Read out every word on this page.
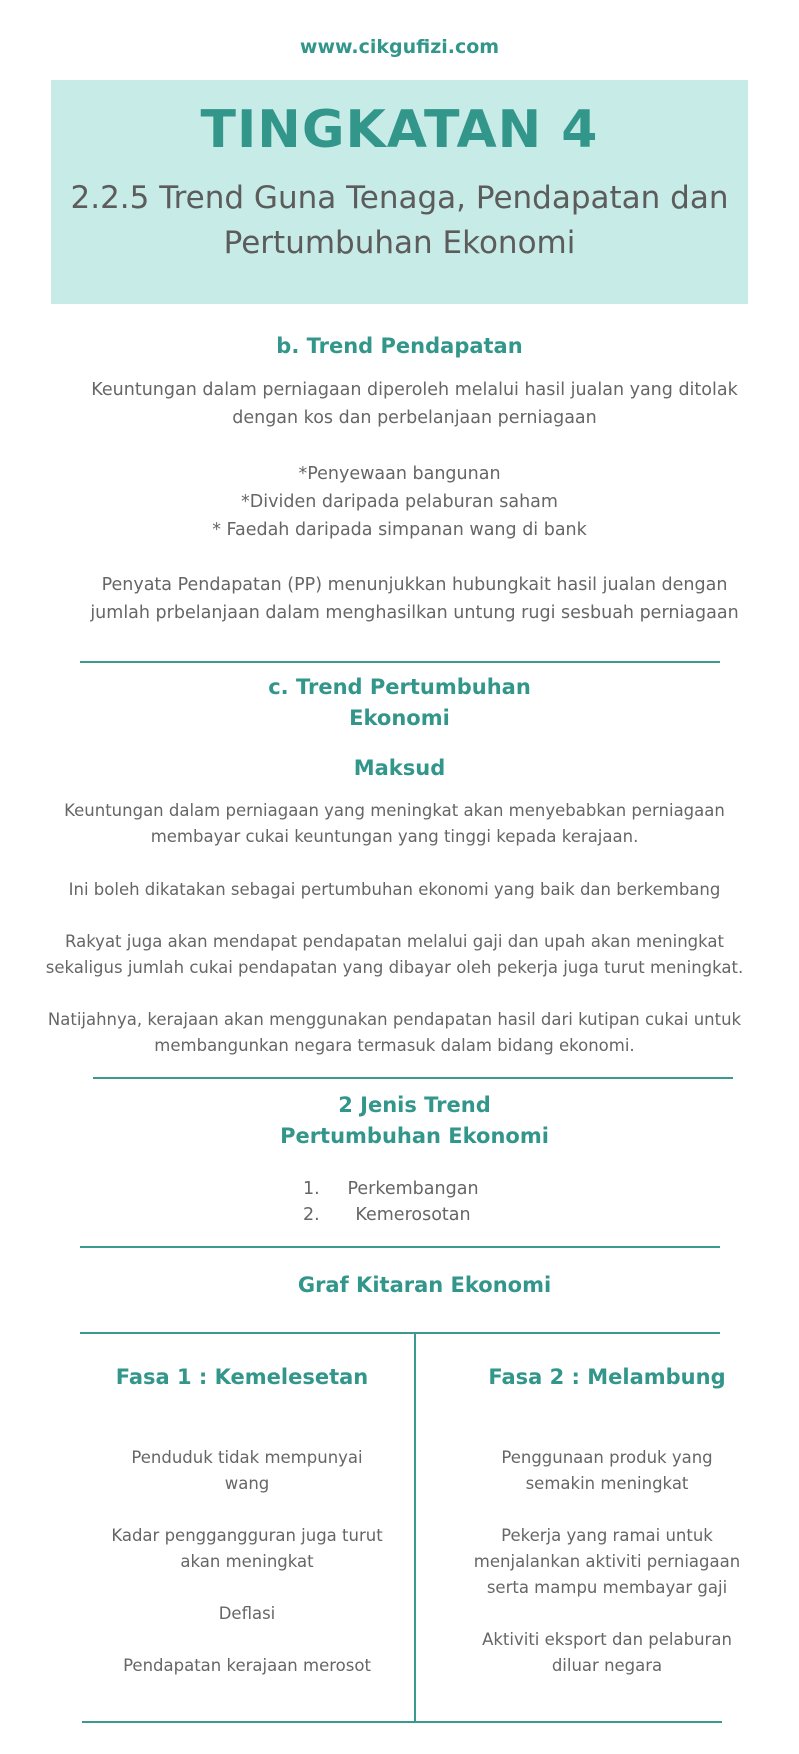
www.cikgufizi.com
TINGKATAN 4
2.2.5 Trend Guna Tenaga, Pendapatan dan
Pertumbuhan Ekonomi
b. Trend Pendapatan
Keuntungan dalam perniagaan diperoleh melalui hasil jualan yang ditolak
dengan kos dan perbelanjaan perniagaan
*Penyewaan bangunan
*Dividen daripada pelaburan saham
* Faedah daripada simpanan wang di bank
Penyata Pendapatan (PP) menunjukkan hubungkait hasil jualan dengan
jumlah prbelanjaan dalam menghasilkan untung rugi sesbuah perniagaan
c. Trend Pertumbuhan
Ekonomi
Maksud
Keuntungan dalam perniagaan yang meningkat akan menyebabkan perniagaan
membayar cukai keuntungan yang tinggi kepada kerajaan.
Ini boleh dikatakan sebagai pertumbuhan ekonomi yang baik dan berkembang
Rakyat juga akan mendapat pendapatan melalui gaji dan upah akan meningkat
sekaligus jumlah cukai pendapatan yang dibayar oleh pekerja juga turut meningkat.
Natijahnya, kerajaan akan menggunakan pendapatan hasil dari kutipan cukai untuk
membangunkan negara termasuk dalam bidang ekonomi.
2 Jenis Trend
Pertumbuhan Ekonomi
1. Perkembangan
2. Kemerosotan
Graf Kitaran Ekonomi
Fasa 1 : Kemelesetan
Penduduk tidak mempunyai
wang
Kadar penggangguran juga turut
akan meningkat
Deflasi
Pendapatan kerajaan merosot
Fasa 2 : Melambung
Penggunaan produk yang
semakin meningkat
Pekerja yang ramai untuk
menjalankan aktiviti perniagaan
serta mampu membayar gaji
Aktiviti eksport dan pelaburan
diluar negara
